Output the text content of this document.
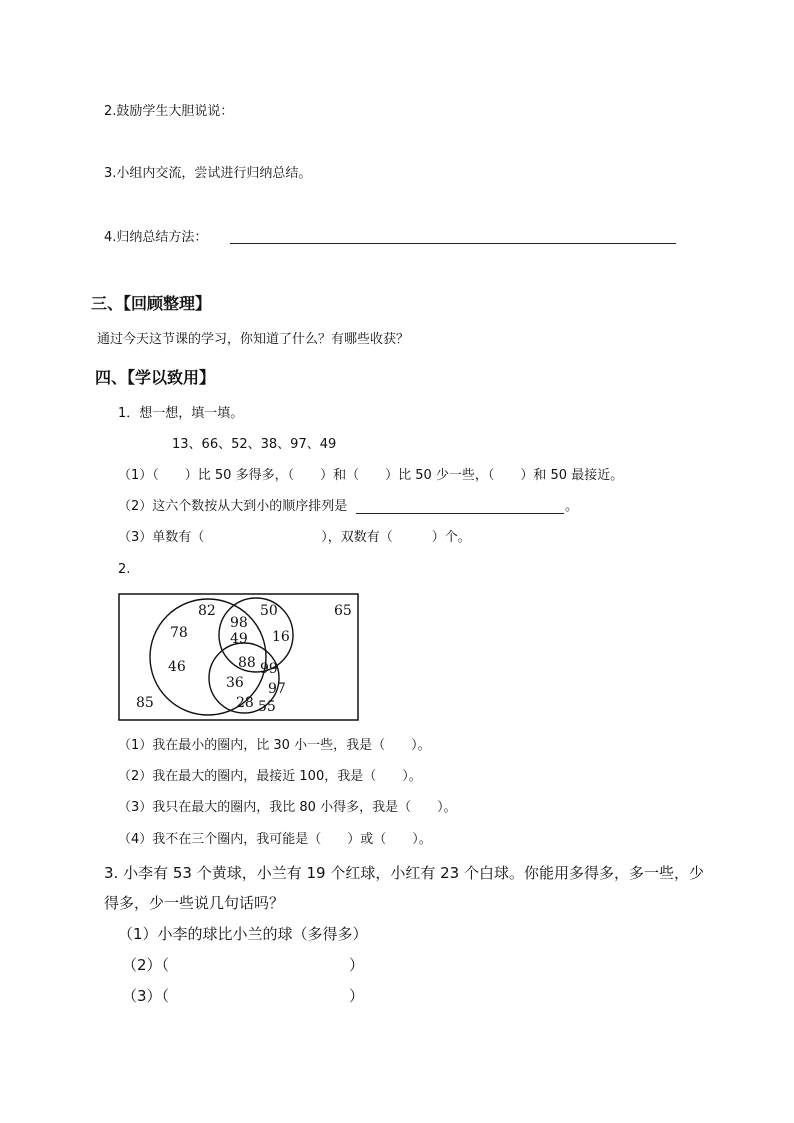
2.鼓励学生大胆说说：
3.小组内交流，尝试进行归纳总结。
4.归纳总结方法：
三、【回顾整理】
通过今天这节课的学习，你知道了什么？有哪些收获？
四、【学以致用】
1．想一想，填一填。
13、66、52、38、97、49
（1）（　　）比 50 多得多，（　　）和（　　）比 50 少一些，（　　）和 50 最接近。
（2）这六个数按从大到小的顺序排列是	。
（3）单数有（　　　　　　　　　），双数有（　　　）个。
2.
82	50	65
78
98
49 16
46	88 99
36 97
85	28 55
（1）我在最小的圈内，比 30 小一些，我是（　　）。
（2）我在最大的圈内，最接近 100，我是（　　）。
（3）我只在最大的圈内，我比 80 小得多，我是（　　）。
（4）我不在三个圈内，我可能是（　　）或（　　）。
3. 小李有 53 个黄球，小兰有 19 个红球，小红有 23 个白球。你能用多得多，多一些，少
得多，少一些说几句话吗？
（1）小李的球比小兰的球（多得多）
（2）（　　　　　　　　　　　　）
（3）（　　　　　　　　　　　　）
